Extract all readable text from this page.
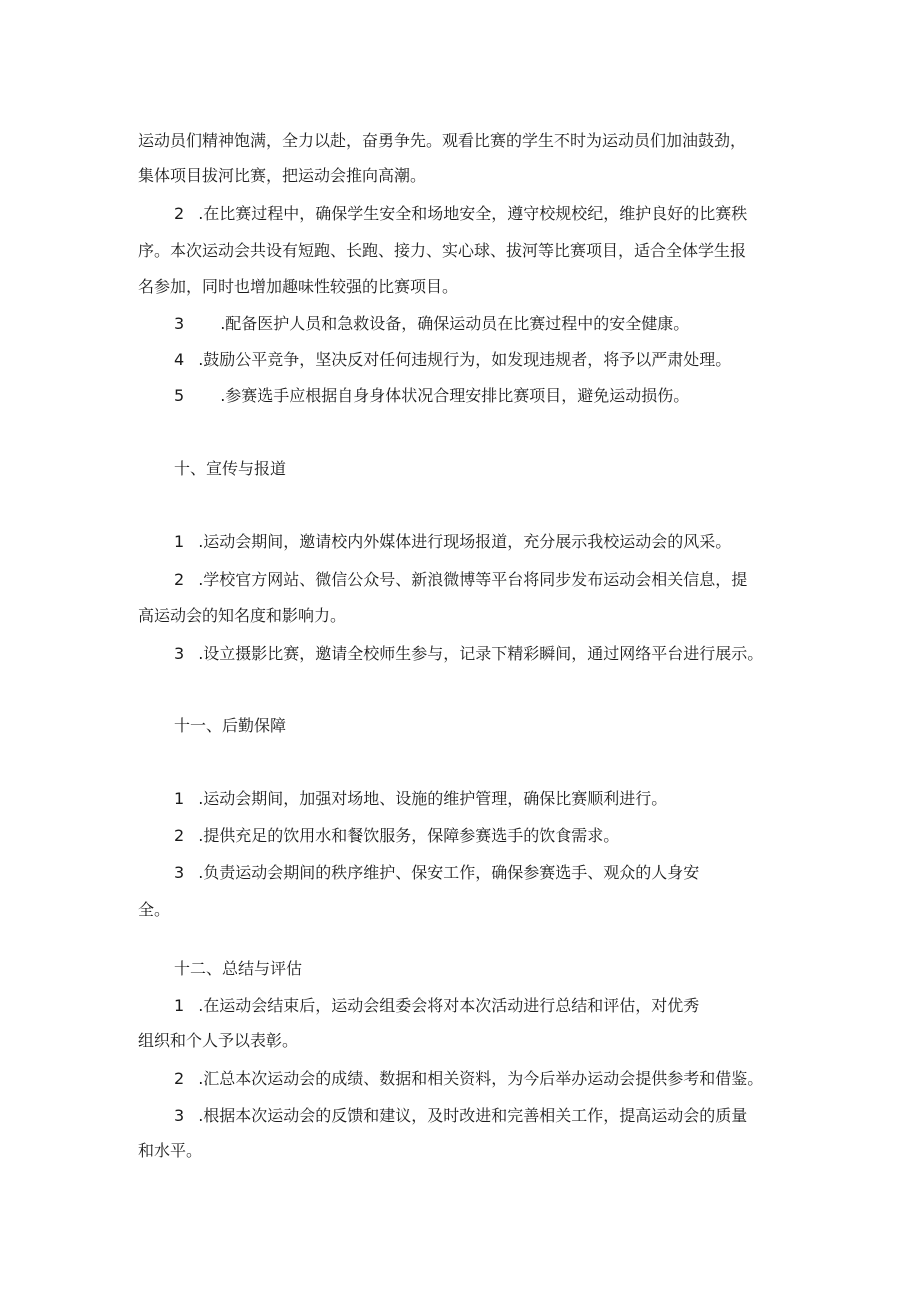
运动员们精神饱满，全力以赴，奋勇争先。观看比赛的学生不时为运动员们加油鼓劲，
集体项目拔河比赛，把运动会推向高潮。
2 .在比赛过程中，确保学生安全和场地安全，遵守校规校纪，维护良好的比赛秩
序。本次运动会共设有短跑、长跑、接力、实心球、拔河等比赛项目，适合全体学生报
名参加，同时也增加趣味性较强的比赛项目。
3 .配备医护人员和急救设备，确保运动员在比赛过程中的安全健康。
4 .鼓励公平竞争，坚决反对任何违规行为，如发现违规者，将予以严肃处理。
5 .参赛选手应根据自身身体状况合理安排比赛项目，避免运动损伤。
十、宣传与报道
1 .运动会期间，邀请校内外媒体进行现场报道，充分展示我校运动会的风采。
2 .学校官方网站、微信公众号、新浪微博等平台将同步发布运动会相关信息，提
高运动会的知名度和影响力。
3 .设立摄影比赛，邀请全校师生参与，记录下精彩瞬间，通过网络平台进行展示。
十一、后勤保障
1 .运动会期间，加强对场地、设施的维护管理，确保比赛顺利进行。
2 .提供充足的饮用水和餐饮服务，保障参赛选手的饮食需求。
3 .负责运动会期间的秩序维护、保安工作，确保参赛选手、观众的人身安
全。
十二、总结与评估
1 .在运动会结束后，运动会组委会将对本次活动进行总结和评估，对优秀
组织和个人予以表彰。
2 .汇总本次运动会的成绩、数据和相关资料，为今后举办运动会提供参考和借鉴。
3 .根据本次运动会的反馈和建议，及时改进和完善相关工作，提高运动会的质量
和水平。
